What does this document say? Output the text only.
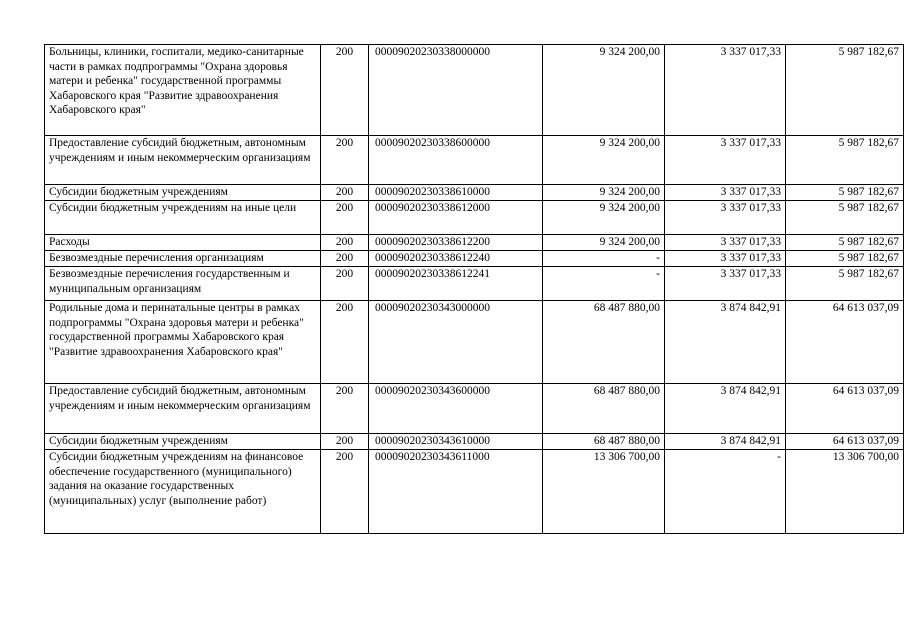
Больницы, клиники, госпитали, медико-санитарные части в рамках подпрограммы "Охрана здоровья матери и ребенка" государственной программы Хабаровского края "Развитие здравоохранения Хабаровского края"	200	00009020230338000000	9 324 200,00	3 337 017,33	5 987 182,67
Предоставление субсидий бюджетным, автономным учреждениям и иным некоммерческим организациям	200	00009020230338600000	9 324 200,00	3 337 017,33	5 987 182,67
Субсидии бюджетным учреждениям	200	00009020230338610000	9 324 200,00	3 337 017,33	5 987 182,67
Субсидии бюджетным учреждениям на иные цели	200	00009020230338612000	9 324 200,00	3 337 017,33	5 987 182,67
Расходы	200	00009020230338612200	9 324 200,00	3 337 017,33	5 987 182,67
Безвозмездные перечисления организациям	200	00009020230338612240	-	3 337 017,33	5 987 182,67
Безвозмездные перечисления государственным и муниципальным организациям	200	00009020230338612241	-	3 337 017,33	5 987 182,67
Родильные дома и перинатальные центры в рамках подпрограммы "Охрана здоровья матери и ребенка" государственной программы Хабаровского края "Развитие здравоохранения Хабаровского края"	200	00009020230343000000	68 487 880,00	3 874 842,91	64 613 037,09
Предоставление субсидий бюджетным, автономным учреждениям и иным некоммерческим организациям	200	00009020230343600000	68 487 880,00	3 874 842,91	64 613 037,09
Субсидии бюджетным учреждениям	200	00009020230343610000	68 487 880,00	3 874 842,91	64 613 037,09
Субсидии бюджетным учреждениям на финансовое обеспечение государственного (муниципального) задания на оказание государственных (муниципальных) услуг (выполнение работ)	200	00009020230343611000	13 306 700,00	-	13 306 700,00
